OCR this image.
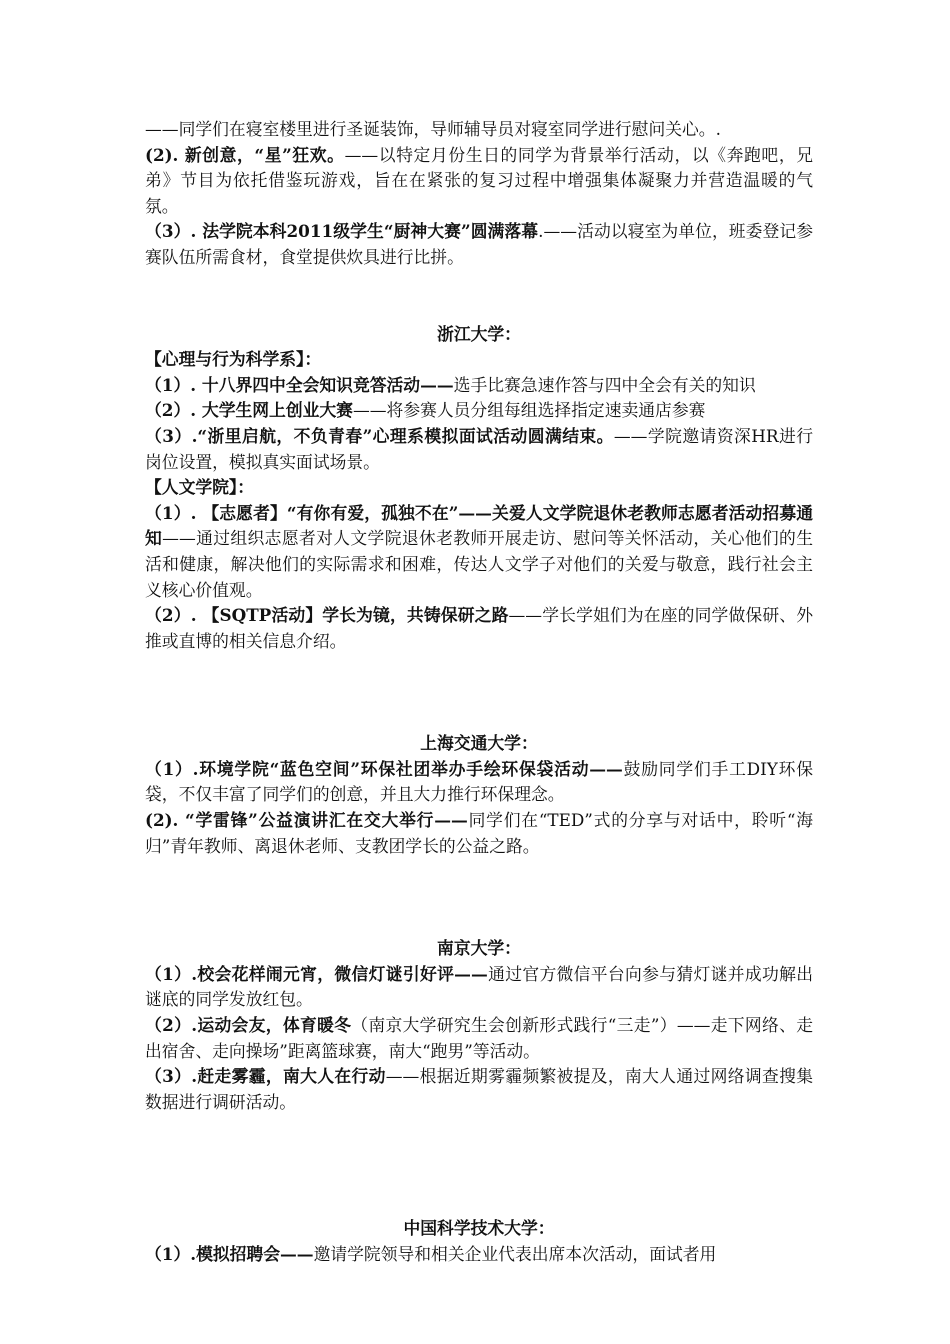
——同学们在寝室楼里进行圣诞装饰，导师辅导员对寝室同学进行慰问关心。.

(2). 新创意，“星”狂欢。——以特定月份生日的同学为背景举行活动，以《奔跑吧，兄弟》节目为依托借鉴玩游戏，旨在在紧张的复习过程中增强集体凝聚力并营造温暖的气氛。

（3）. 法学院本科2011级学生“厨神大赛”圆满落幕.——活动以寝室为单位，班委登记参赛队伍所需食材，食堂提供炊具进行比拼。

浙江大学：

【心理与行为科学系】：

（1）. 十八界四中全会知识竞答活动——选手比赛急速作答与四中全会有关的知识

（2）. 大学生网上创业大赛——将参赛人员分组每组选择指定速卖通店参赛

（3）.“浙里启航，不负青春”心理系模拟面试活动圆满结束。——学院邀请资深HR进行岗位设置，模拟真实面试场景。

【人文学院】：

（1）. 【志愿者】“有你有爱，孤独不在”——关爱人文学院退休老教师志愿者活动招募通知——通过组织志愿者对人文学院退休老教师开展走访、慰问等关怀活动，关心他们的生活和健康，解决他们的实际需求和困难，传达人文学子对他们的关爱与敬意，践行社会主义核心价值观。

（2）. 【SQTP活动】学长为镜，共铸保研之路——学长学姐们为在座的同学做保研、外推或直博的相关信息介绍。

上海交通大学：

（1）.环境学院“蓝色空间”环保社团举办手绘环保袋活动——鼓励同学们手工DIY环保袋，不仅丰富了同学们的创意，并且大力推行环保理念。

(2). “学雷锋”公益演讲汇在交大举行——同学们在“TED”式的分享与对话中，聆听“海归”青年教师、离退休老师、支教团学长的公益之路。

南京大学：

（1）.校会花样闹元宵，微信灯谜引好评——通过官方微信平台向参与猜灯谜并成功解出谜底的同学发放红包。

（2）.运动会友，体育暖冬（南京大学研究生会创新形式践行“三走”）——走下网络、走出宿舍、走向操场”距离篮球赛，南大“跑男”等活动。

（3）.赶走雾霾，南大人在行动——根据近期雾霾频繁被提及，南大人通过网络调查搜集数据进行调研活动。

中国科学技术大学：

（1）.模拟招聘会——邀请学院领导和相关企业代表出席本次活动，面试者用
